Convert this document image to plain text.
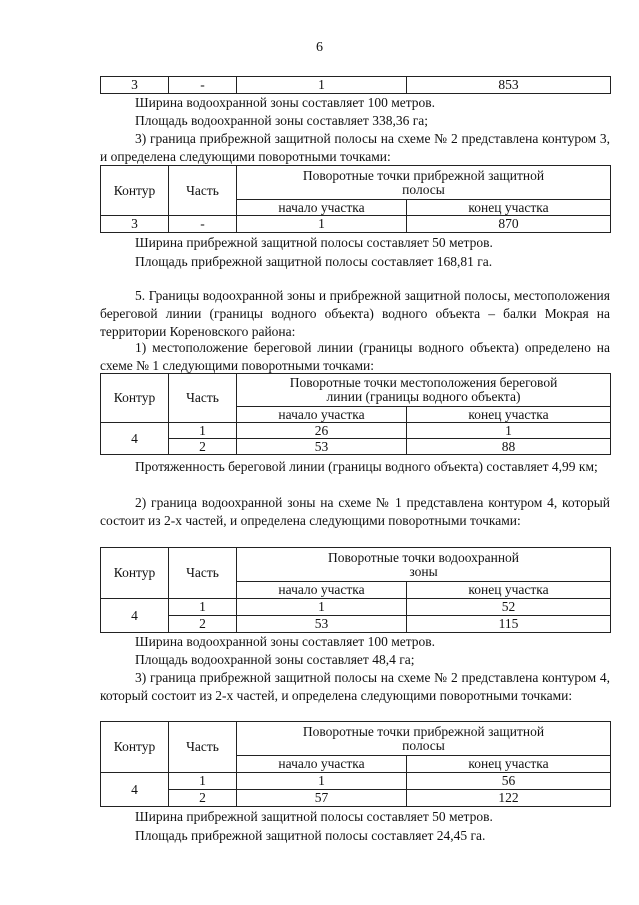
6
3	-	1	853
Ширина водоохранной зоны составляет 100 метров.
Площадь водоохранной зоны составляет 338,36 га;

3) граница прибрежной защитной полосы на схеме № 2 представлена контуром 3, и определена следующими поворотными точками:

Контур	Часть	Поворотные точки прибрежной защитной полосы	
		начало участка	конец участка
3	-	1	870
Ширина прибрежной защитной полосы составляет 50 метров.
Площадь прибрежной защитной полосы составляет 168,81 га.

5. Границы водоохранной зоны и прибрежной защитной полосы, местоположения береговой линии (границы водного объекта) водного объекта – балки Мокрая на территории Кореновского района:

1) местоположение береговой линии (границы водного объекта) определено на схеме № 1 следующими поворотными точками:

Контур	Часть	Поворотные точки местоположения береговой линии (границы водного объекта)	
		начало участка	конец участка
4	1	26	1
	2	53	88

Протяженность береговой линии (границы водного объекта) составляет 4,99 км;

2) граница водоохранной зоны на схеме № 1 представлена контуром 4, который состоит из 2-х частей, и определена следующими поворотными точками:

Контур	Часть	Поворотные точки водоохранной зоны	
		начало участка	конец участка
4	1	1	52
	2	53	115
Ширина водоохранной зоны составляет 100 метров.
Площадь водоохранной зоны составляет 48,4 га;

3) граница прибрежной защитной полосы на схеме № 2 представлена контуром 4, который состоит из 2-х частей, и определена следующими поворотными точками:

Контур	Часть	Поворотные точки прибрежной защитной полосы	
		начало участка	конец участка
4	1	1	56
	2	57	122
Ширина прибрежной защитной полосы составляет 50 метров.
Площадь прибрежной защитной полосы составляет 24,45 га.
